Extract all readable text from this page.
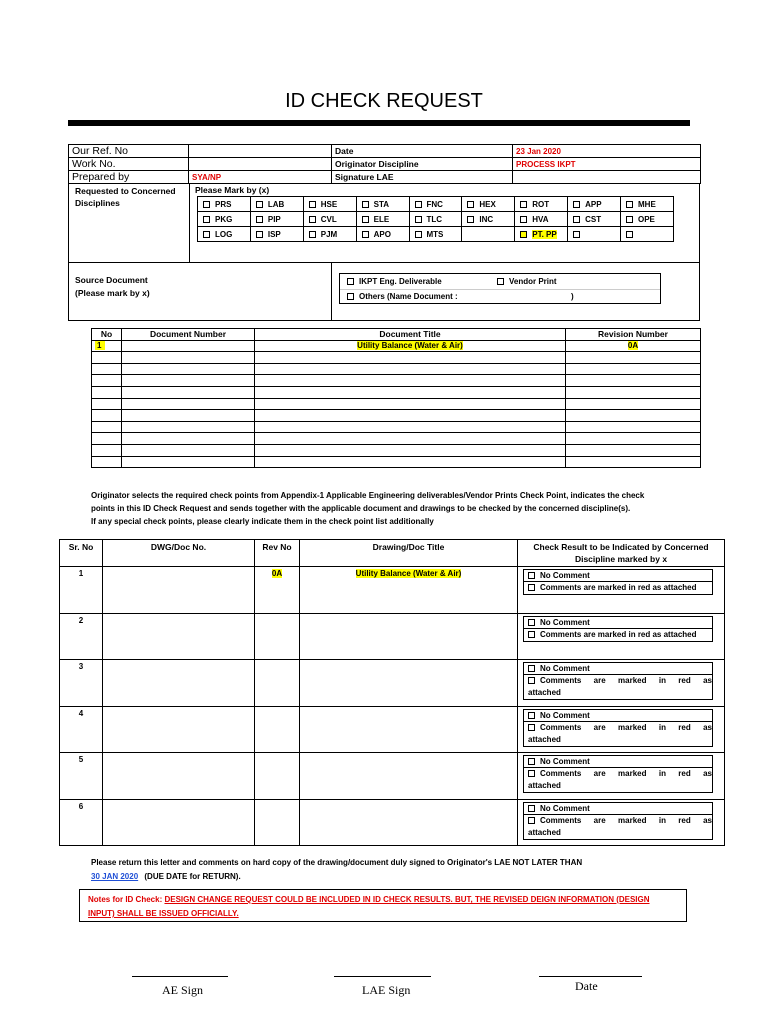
ID CHECK REQUEST
Our Ref. No		Date	23 Jan 2020
Work No.		Originator Discipline	PROCESS IKPT
Prepared by	SYA/NP	Signature LAE	
Requested to Concerned Disciplines
Please Mark by (x)
PRS	LAB	HSE	STA	FNC	HEX	ROT	APP	MHE
PKG	PIP	CVL	ELE	TLC	INC	HVA	CST	OPE
LOG	ISP	PJM	APO	MTS		PT. PP		
Source Document
(Please mark by x)
IKPT Eng. Deliverable	Vendor Print
Others (Name Document :	)
No	Document Number	Document Title	Revision Number
1		Utility Balance (Water & Air)	0A

Originator selects the required check points from Appendix-1 Applicable Engineering deliverables/Vendor Prints Check Point, indicates the check
points in this ID Check Request and sends together with the applicable document and drawings to be checked by the concerned discipline(s).
If any special check points, please clearly indicate them in the check point list additionally
Sr. No	DWG/Doc No.	Rev No	Drawing/Doc Title	Check Result to be Indicated by Concerned Discipline marked by x
1		0A	Utility Balance (Water & Air)	No Comment
Comments are marked in red as attached

2				No Comment
Comments are marked in red as attached

3				No Comment
Comments are marked in red as attached

4				No Comment
Comments are marked in red as attached

5				No Comment
Comments are marked in red as attached

6				No Comment
Comments are marked in red as attached
Please return this letter and comments on hard copy of the drawing/document duly signed to Originator's LAE NOT LATER THAN
30 JAN 2020 (DUE DATE for RETURN).
Notes for ID Check: DESIGN CHANGE REQUEST COULD BE INCLUDED IN ID CHECK RESULTS. BUT, THE REVISED DEIGN INFORMATION (DESIGN INPUT) SHALL BE ISSUED OFFICIALLY.
AE Sign	LAE Sign	Date
